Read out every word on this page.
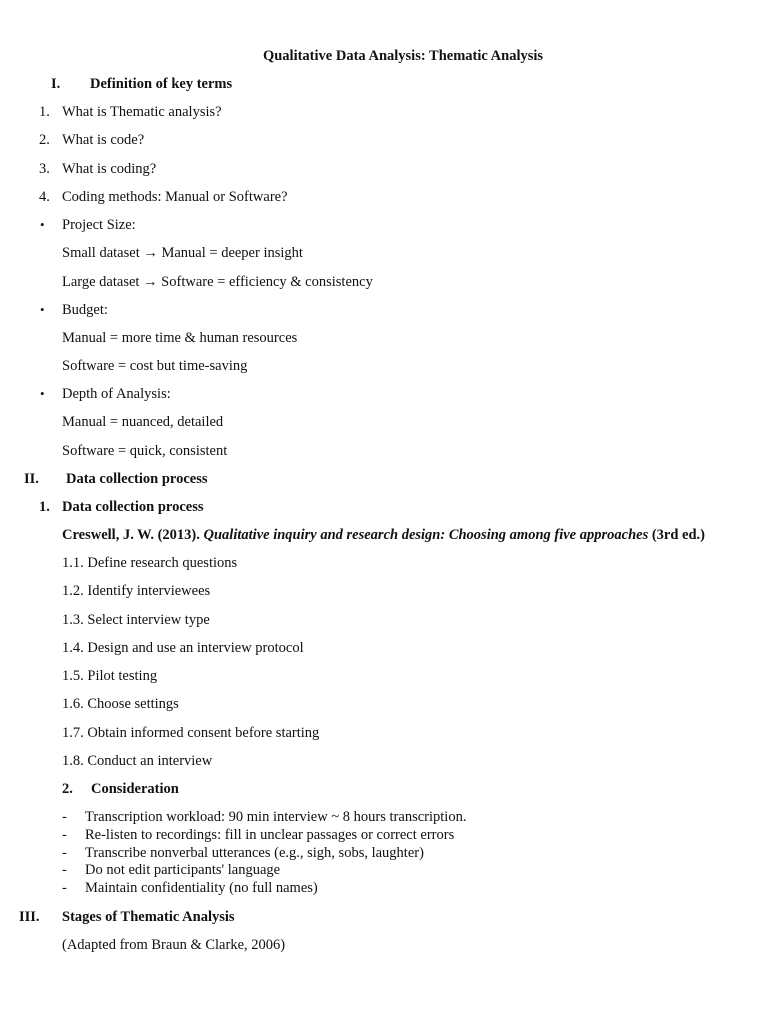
Qualitative Data Analysis: Thematic Analysis
I. Definition of key terms
1. What is Thematic analysis?
2. What is code?
3. What is coding?
4. Coding methods: Manual or Software?
• Project Size:
Small dataset → Manual = deeper insight
Large dataset → Software = efficiency & consistency
• Budget:
Manual = more time & human resources
Software = cost but time-saving
• Depth of Analysis:
Manual = nuanced, detailed
Software = quick, consistent
II. Data collection process
1. Data collection process
Creswell, J. W. (2013). Qualitative inquiry and research design: Choosing among five approaches (3rd ed.)
1.1. Define research questions
1.2. Identify interviewees
1.3. Select interview type
1.4. Design and use an interview protocol
1.5. Pilot testing
1.6. Choose settings
1.7. Obtain informed consent before starting
1.8. Conduct an interview
2. Consideration
- Transcription workload: 90 min interview ~ 8 hours transcription.
- Re-listen to recordings: fill in unclear passages or correct errors
- Transcribe nonverbal utterances (e.g., sigh, sobs, laughter)
- Do not edit participants' language
- Maintain confidentiality (no full names)
III. Stages of Thematic Analysis
(Adapted from Braun & Clarke, 2006)
